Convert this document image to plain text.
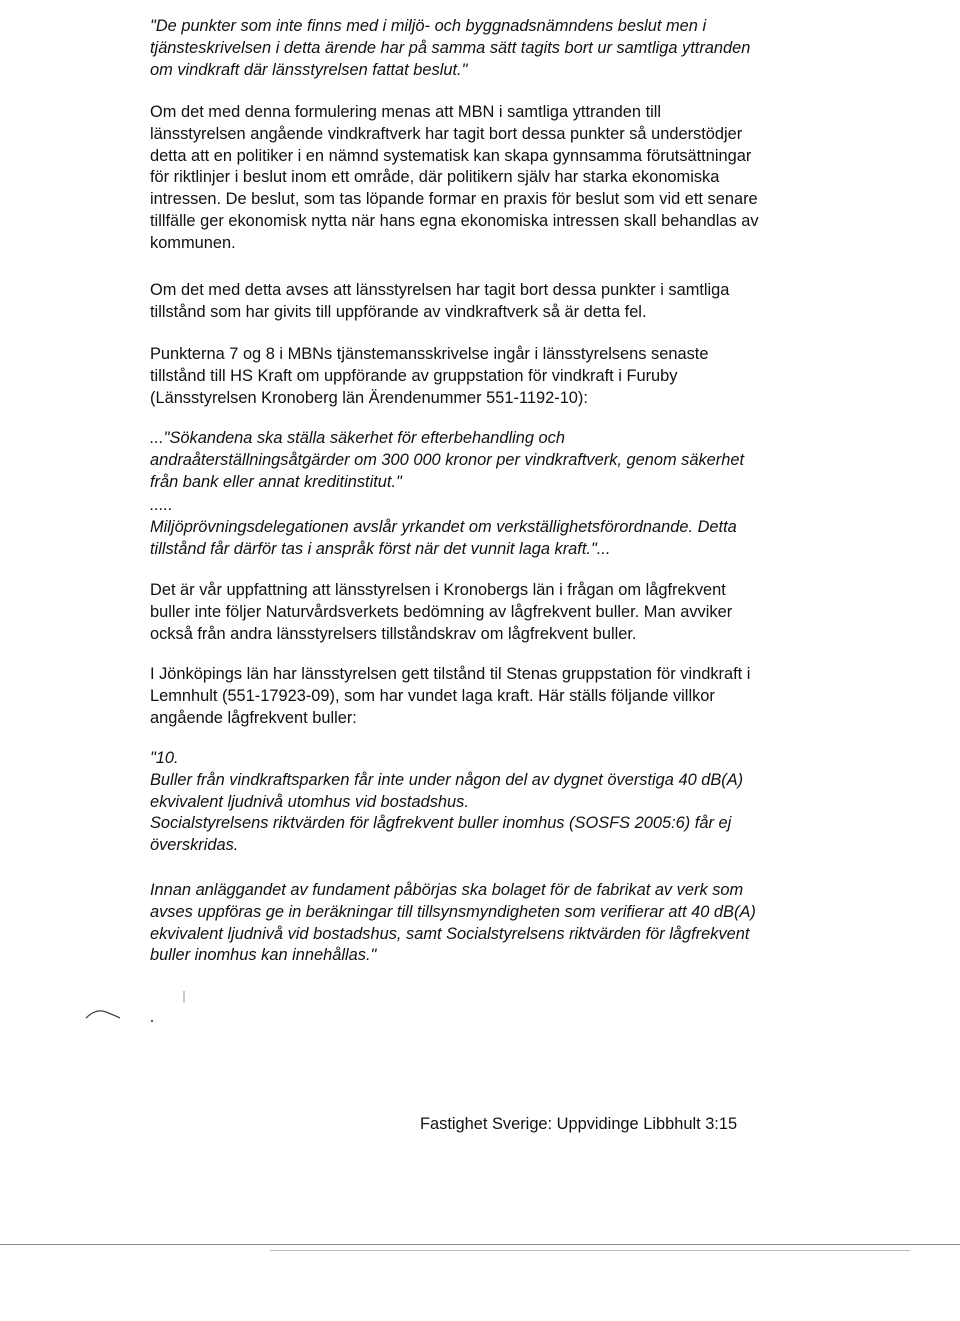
"De punkter som inte finns med i miljö- och byggnadsnämndens beslut men i

tjänsteskrivelsen i detta ärende har på samma sätt tagits bort ur samtliga yttranden

om vindkraft där länsstyrelsen fattat beslut."

Om det med denna formulering menas att MBN i samtliga yttranden till

länsstyrelsen angående vindkraftverk har tagit bort dessa punkter så understödjer

detta att en politiker i en nämnd systematisk kan skapa gynnsamma förutsättningar

för riktlinjer i beslut inom ett område, där politikern själv har starka ekonomiska

intressen. De beslut, som tas löpande formar en praxis för beslut som vid ett senare

tillfälle ger ekonomisk nytta när hans egna ekonomiska intressen skall behandlas av

kommunen.

Om det med detta avses att länsstyrelsen har tagit bort dessa punkter i samtliga

tillstånd som har givits till uppförande av vindkraftverk så är detta fel.

Punkterna 7 og 8 i MBNs tjänstemansskrivelse ingår i länsstyrelsens senaste

tillstånd till HS Kraft om uppförande av gruppstation för vindkraft i Furuby

(Länsstyrelsen Kronoberg län Ärendenummer 551-1192-10):

..."Sökandena ska ställa säkerhet för efterbehandling och

andraåterställningsåtgärder om 300 000 kronor per vindkraftverk, genom säkerhet

från bank eller annat kreditinstitut."

.....

Miljöprövningsdelegationen avslår yrkandet om verkställighetsförordnande. Detta

tillstånd får därför tas i anspråk först när det vunnit laga kraft."...

Det är vår uppfattning att länsstyrelsen i Kronobergs län i frågan om lågfrekvent

buller inte följer Naturvårdsverkets bedömning av lågfrekvent buller. Man avviker

också från andra länsstyrelsers tillståndskrav om lågfrekvent buller.

I Jönköpings län har länsstyrelsen gett tilstånd til Stenas gruppstation för vindkraft i

Lemnhult (551-17923-09), som har vundet laga kraft. Här ställs följande villkor

angående lågfrekvent buller:

"10.

Buller från vindkraftsparken får inte under någon del av dygnet överstiga 40 dB(A)

ekvivalent ljudnivå utomhus vid bostadshus.

Socialstyrelsens riktvärden för lågfrekvent buller inomhus (SOSFS 2005:6) får ej

överskridas.

Innan anläggandet av fundament påbörjas ska bolaget för de fabrikat av verk som

avses uppföras ge in beräkningar till tillsynsmyndigheten som verifierar att 40 dB(A)

ekvivalent ljudnivå vid bostadshus, samt Socialstyrelsens riktvärden för lågfrekvent

buller inomhus kan innehållas."

Fastighet Sverige: Uppvidinge Libbhult 3:15
